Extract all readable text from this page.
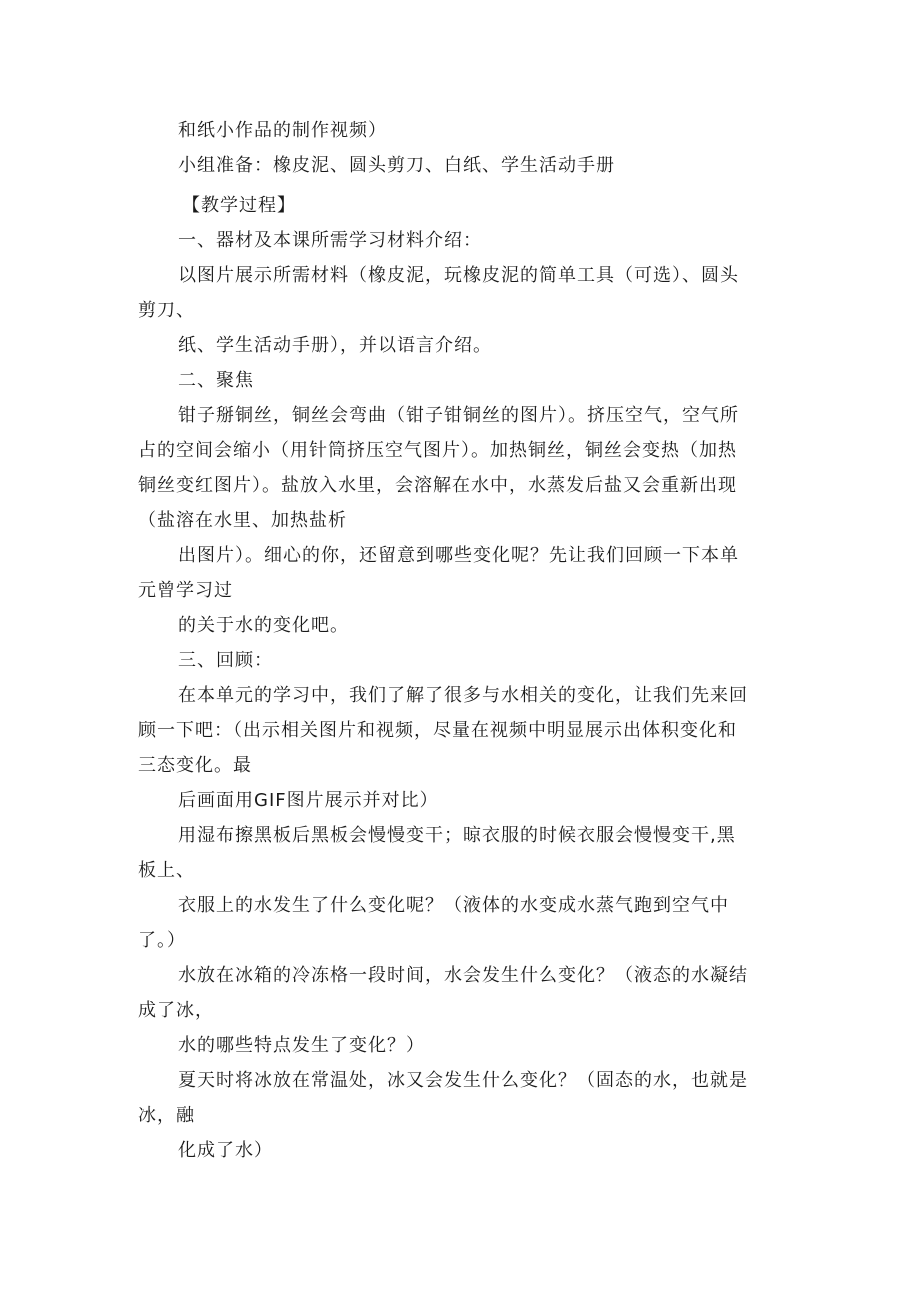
和纸小作品的制作视频）
小组准备：橡皮泥、圆头剪刀、白纸、学生活动手册
【教学过程】
一、器材及本课所需学习材料介绍：
以图片展示所需材料（橡皮泥，玩橡皮泥的简单工具（可选）、圆头
剪刀、
纸、学生活动手册），并以语言介绍。
二、聚焦
钳子掰铜丝，铜丝会弯曲（钳子钳铜丝的图片）。挤压空气，空气所
占的空间会缩小（用针筒挤压空气图片）。加热铜丝，铜丝会变热（加热
铜丝变红图片）。盐放入水里，会溶解在水中，水蒸发后盐又会重新出现
（盐溶在水里、加热盐析
出图片）。细心的你，还留意到哪些变化呢？先让我们回顾一下本单
元曾学习过
的关于水的变化吧。
三、回顾：
在本单元的学习中，我们了解了很多与水相关的变化，让我们先来回
顾一下吧：（出示相关图片和视频，尽量在视频中明显展示出体积变化和
三态变化。最
后画面用GIF图片展示并对比）
用湿布擦黑板后黑板会慢慢变干；晾衣服的时候衣服会慢慢变干,黑
板上、
衣服上的水发生了什么变化呢？（液体的水变成水蒸气跑到空气中
了。）
水放在冰箱的冷冻格一段时间，水会发生什么变化？（液态的水凝结
成了冰，
水的哪些特点发生了变化？）
夏天时将冰放在常温处，冰又会发生什么变化？（固态的水，也就是
冰，融
化成了水）
